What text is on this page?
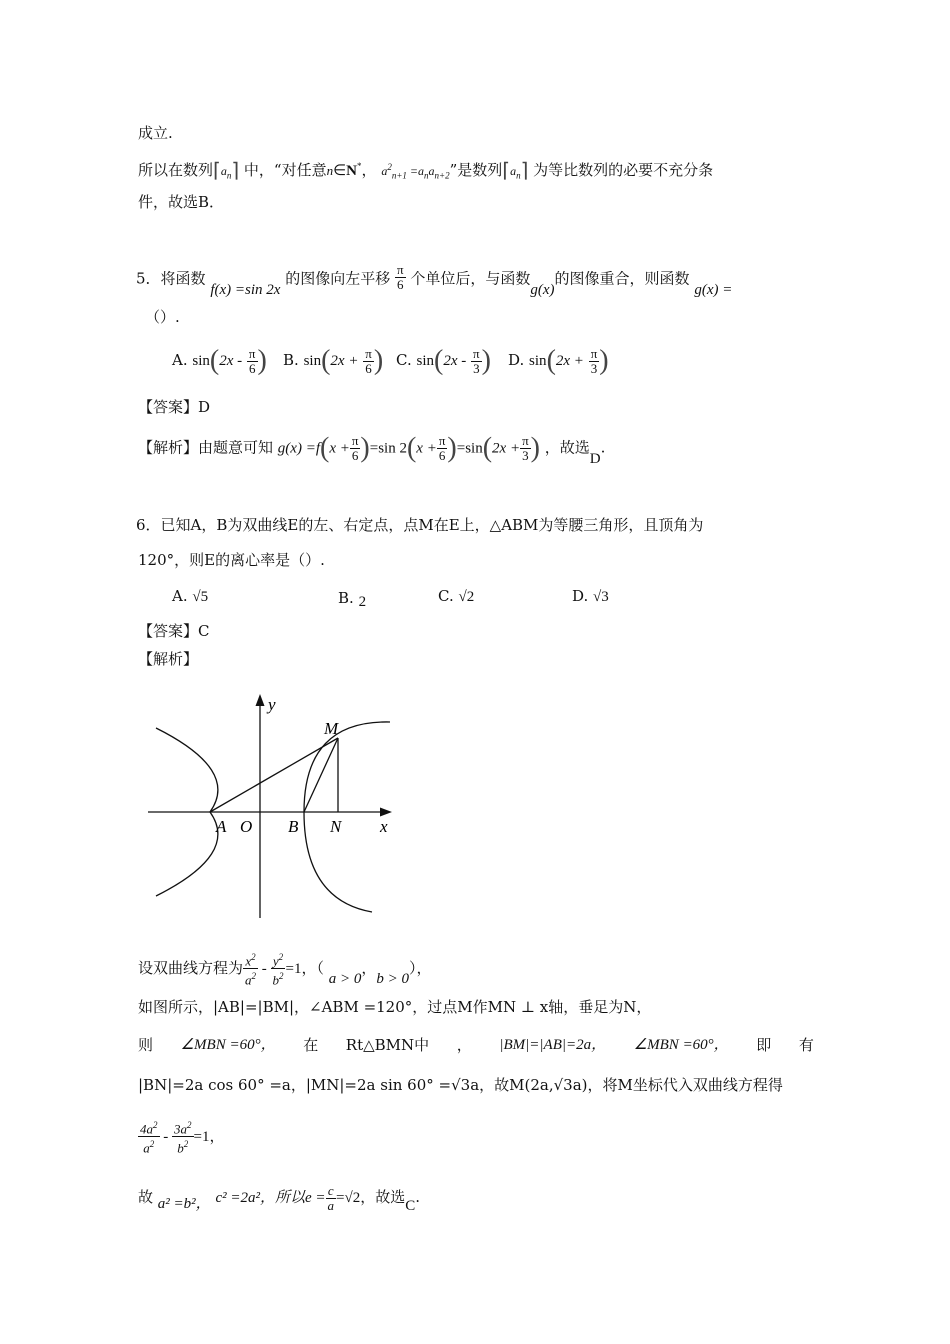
成立.
所以在数列$⌈a_n⌉$ 中，“对任意n∈N*， $a^2_{n+1} =a_na_{n+2}$”是数列$⌈a_n⌉$ 为等比数列的必要不充分条
件，故选B．
5．将函数 f(x) =sin 2x 的图像向左平移 $\frac{\pi}{6}$ 个单位后，与函数g(x)的图像重合，则函数 g(x) =
（）.
A. $\sin(2x - \frac{\pi}{6}$ ) B. $\sin(2x + \frac{\pi}{6}$ ) C. $\sin(2x - \frac{\pi}{3}$ ) D. $\sin(2x + \frac{\pi}{3}$ )
【答案】D
【解析】由题意可知 $g(x) =f(x + \frac{\pi}{6} )=\sin$ $2(x + \frac{\pi}{6} )=\sin(2x + \frac{\pi}{3}$ ) ，故选D.
6．已知A，B为双曲线E的左、右定点，点M在E上，△ABM为等腰三角形，且顶角为
120°，则E的离心率是（）.
A. √5	B. 2	C. √2	D. √3
【答案】C
【解析】
y
x
M
A O B N
设双曲线方程为 $\frac{x^2}{a^2} - \frac{y^2}{b^2} =1$，（ a > 0，b > 0），
如图所示，|AB|=|BM|，∠ABM =120°，过点M作MN ⊥ x轴，垂足为N，
则 ∠MBN =60°， 在 Rt△BMN中 ， |BM|=|AB|=2a， ∠MBN =60°， 即 有
|BN|=2a cos 60° =a，|MN|=2a sin 60° =√3a，故M(2a,√3a)，将M坐标代入双曲线方程得
$\frac{4a^2}{a^2} - \frac{3a^2}{b^2} =1$，
故 a² =b²， c² =2a²，所以$e = \frac{c}{a} =√2$，故选C.
